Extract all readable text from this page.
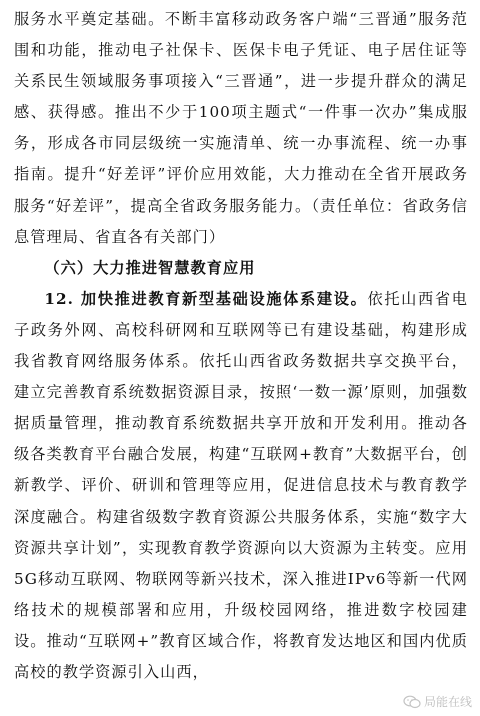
服务水平奠定基础。不断丰富移动政务客户端“三晋通”服务范围和功能，推动电子社保卡、医保卡电子凭证、电子居住证等关系民生领域服务事项接入“三晋通”，进一步提升群众的满足感、获得感。推出不少于100项主题式“一件事一次办”集成服务，形成各市同层级统一实施清单、统一办事流程、统一办事指南。提升“好差评”评价应用效能，大力推动在全省开展政务服务“好差评”，提高全省政务服务能力。（责任单位：省政务信息管理局、省直各有关部门）

（六）大力推进智慧教育应用

12. 加快推进教育新型基础设施体系建设。依托山西省电子政务外网、高校科研网和互联网等已有建设基础，构建形成我省教育网络服务体系。依托山西省政务数据共享交换平台，建立完善教育系统数据资源目录，按照‘一数一源’原则，加强数据质量管理，推动教育系统数据共享开放和开发利用。推动各级各类教育平台融合发展，构建“互联网+教育”大数据平台，创新教学、评价、研训和管理等应用，促进信息技术与教育教学深度融合。构建省级数字教育资源公共服务体系，实施“数字大资源共享计划”，实现教育教学资源向以大资源为主转变。应用5G移动互联网、物联网等新兴技术，深入推进IPv6等新一代网络技术的规模部署和应用，升级校园网络，推进数字校园建设。推动“互联网+”教育区域合作，将教育发达地区和国内优质高校的教学资源引入山西，

局能在线
